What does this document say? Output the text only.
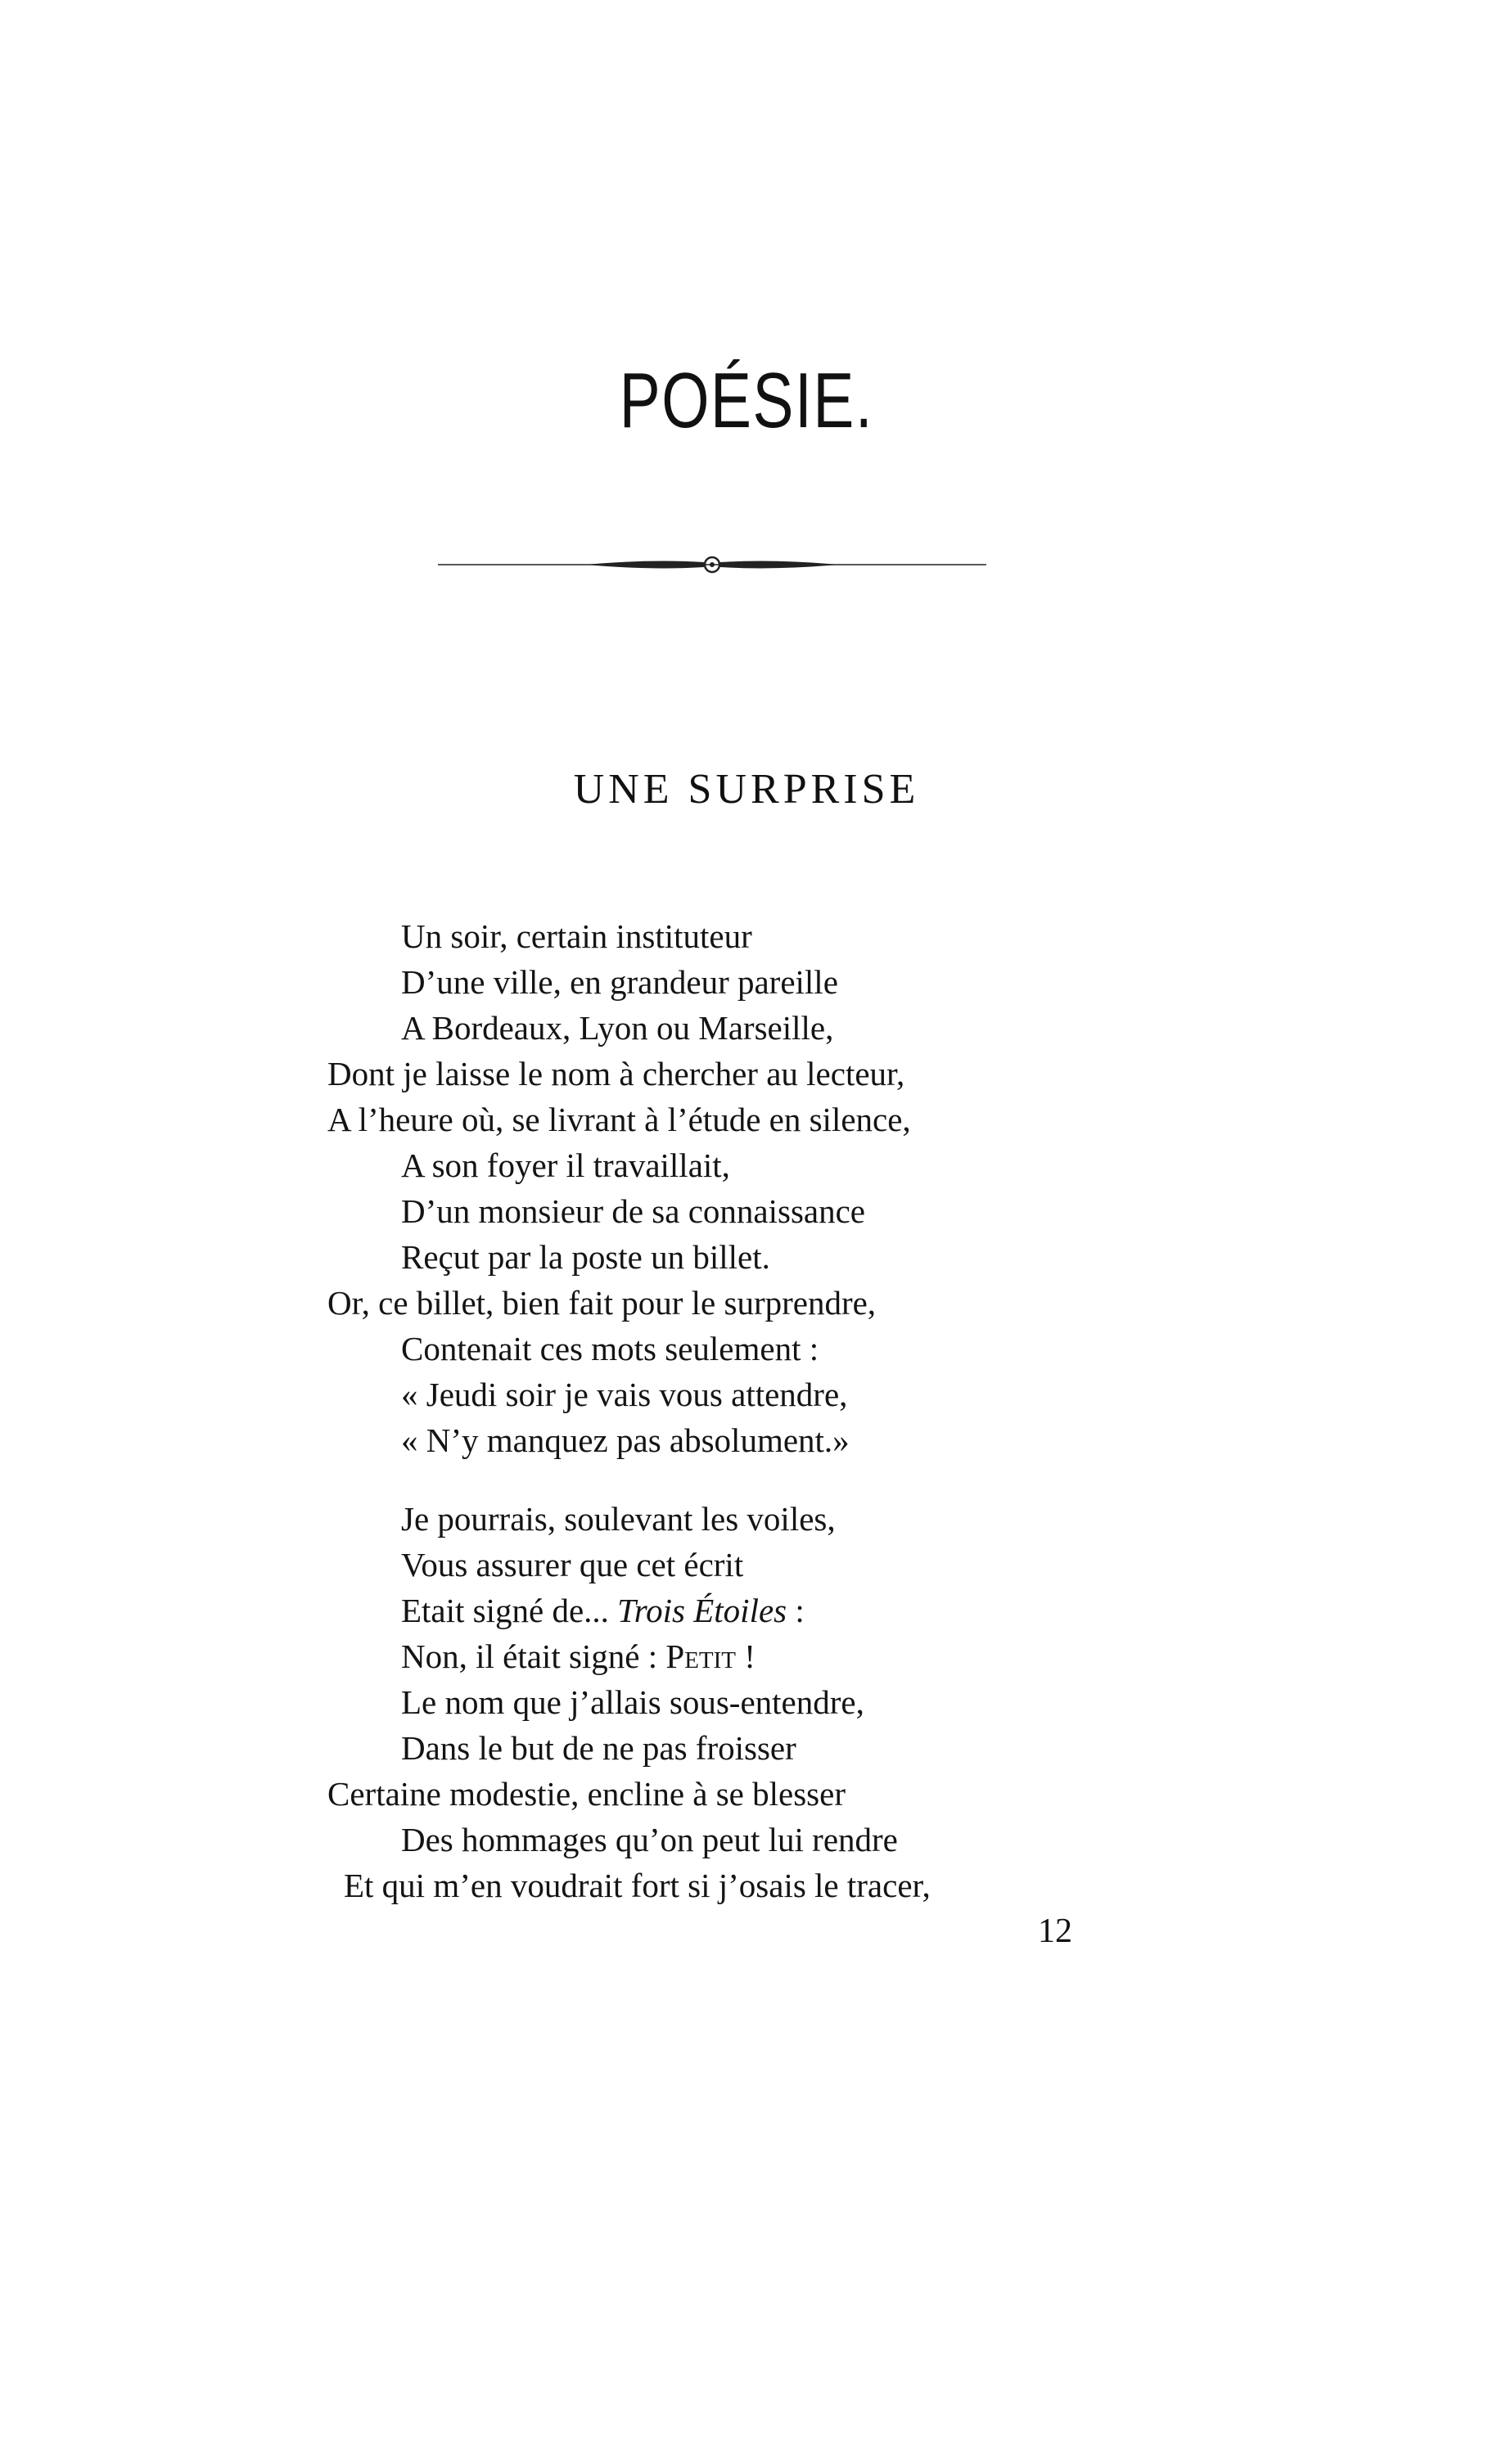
POÉSIE.
UNE SURPRISE
Un soir, certain instituteur
D’une ville, en grandeur pareille
A Bordeaux, Lyon ou Marseille,
Dont je laisse le nom à chercher au lecteur,
A l’heure où, se livrant à l’étude en silence,
A son foyer il travaillait,
D’un monsieur de sa connaissance
Reçut par la poste un billet.
Or, ce billet, bien fait pour le surprendre,
Contenait ces mots seulement :
« Jeudi soir je vais vous attendre,
« N’y manquez pas absolument.»
Je pourrais, soulevant les voiles,
Vous assurer que cet écrit
Etait signé de... Trois Étoiles :
Non, il était signé : Petit !
Le nom que j’allais sous-entendre,
Dans le but de ne pas froisser
Certaine modestie, encline à se blesser
Des hommages qu’on peut lui rendre
Et qui m’en voudrait fort si j’osais le tracer,
12
